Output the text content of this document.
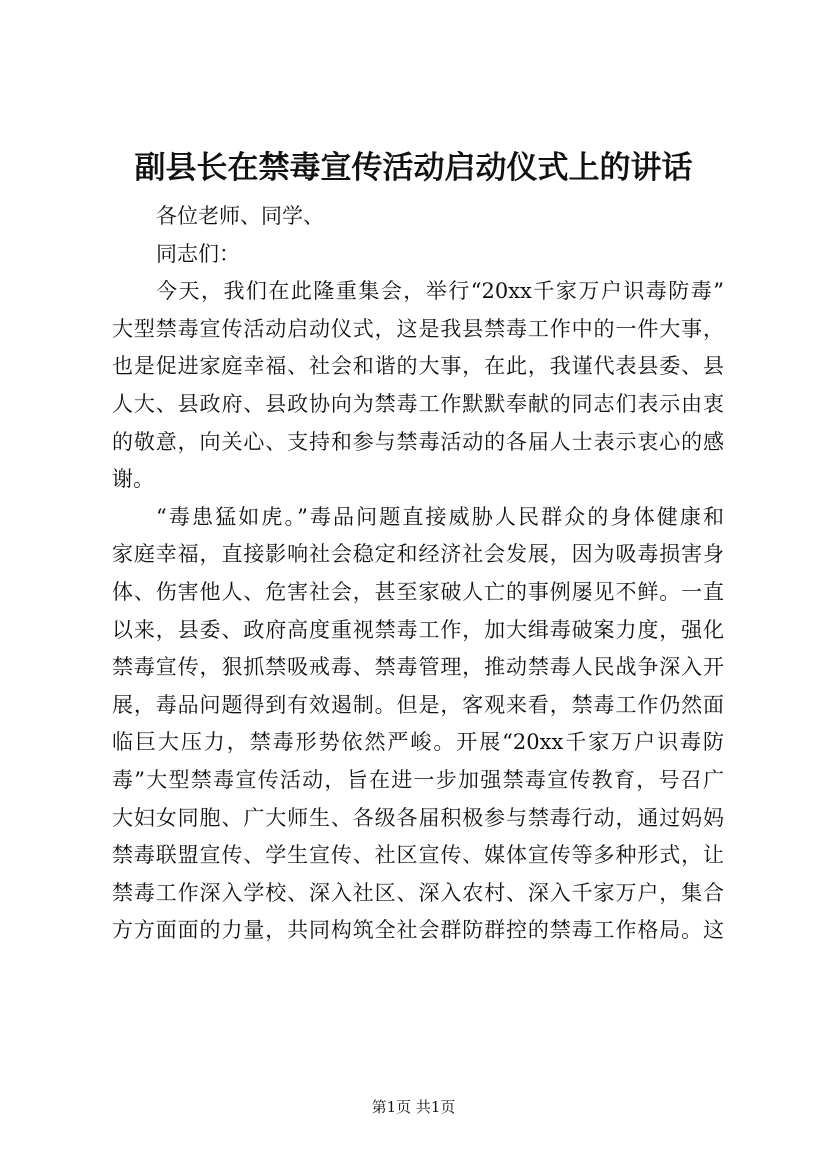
副县长在禁毒宣传活动启动仪式上的讲话
各位老师、同学、
同志们：
今天，我们在此隆重集会，举行“20xx千家万户识毒防毒”
大型禁毒宣传活动启动仪式，这是我县禁毒工作中的一件大事，
也是促进家庭幸福、社会和谐的大事，在此，我谨代表县委、县
人大、县政府、县政协向为禁毒工作默默奉献的同志们表示由衷
的敬意，向关心、支持和参与禁毒活动的各届人士表示衷心的感
谢。
“毒患猛如虎。”毒品问题直接威胁人民群众的身体健康和
家庭幸福，直接影响社会稳定和经济社会发展，因为吸毒损害身
体、伤害他人、危害社会，甚至家破人亡的事例屡见不鲜。一直
以来，县委、政府高度重视禁毒工作，加大缉毒破案力度，强化
禁毒宣传，狠抓禁吸戒毒、禁毒管理，推动禁毒人民战争深入开
展，毒品问题得到有效遏制。但是，客观来看，禁毒工作仍然面
临巨大压力，禁毒形势依然严峻。开展“20xx千家万户识毒防
毒”大型禁毒宣传活动，旨在进一步加强禁毒宣传教育，号召广
大妇女同胞、广大师生、各级各届积极参与禁毒行动，通过妈妈
禁毒联盟宣传、学生宣传、社区宣传、媒体宣传等多种形式，让
禁毒工作深入学校、深入社区、深入农村、深入千家万户，集合
方方面面的力量，共同构筑全社会群防群控的禁毒工作格局。这
第1页 共1页
